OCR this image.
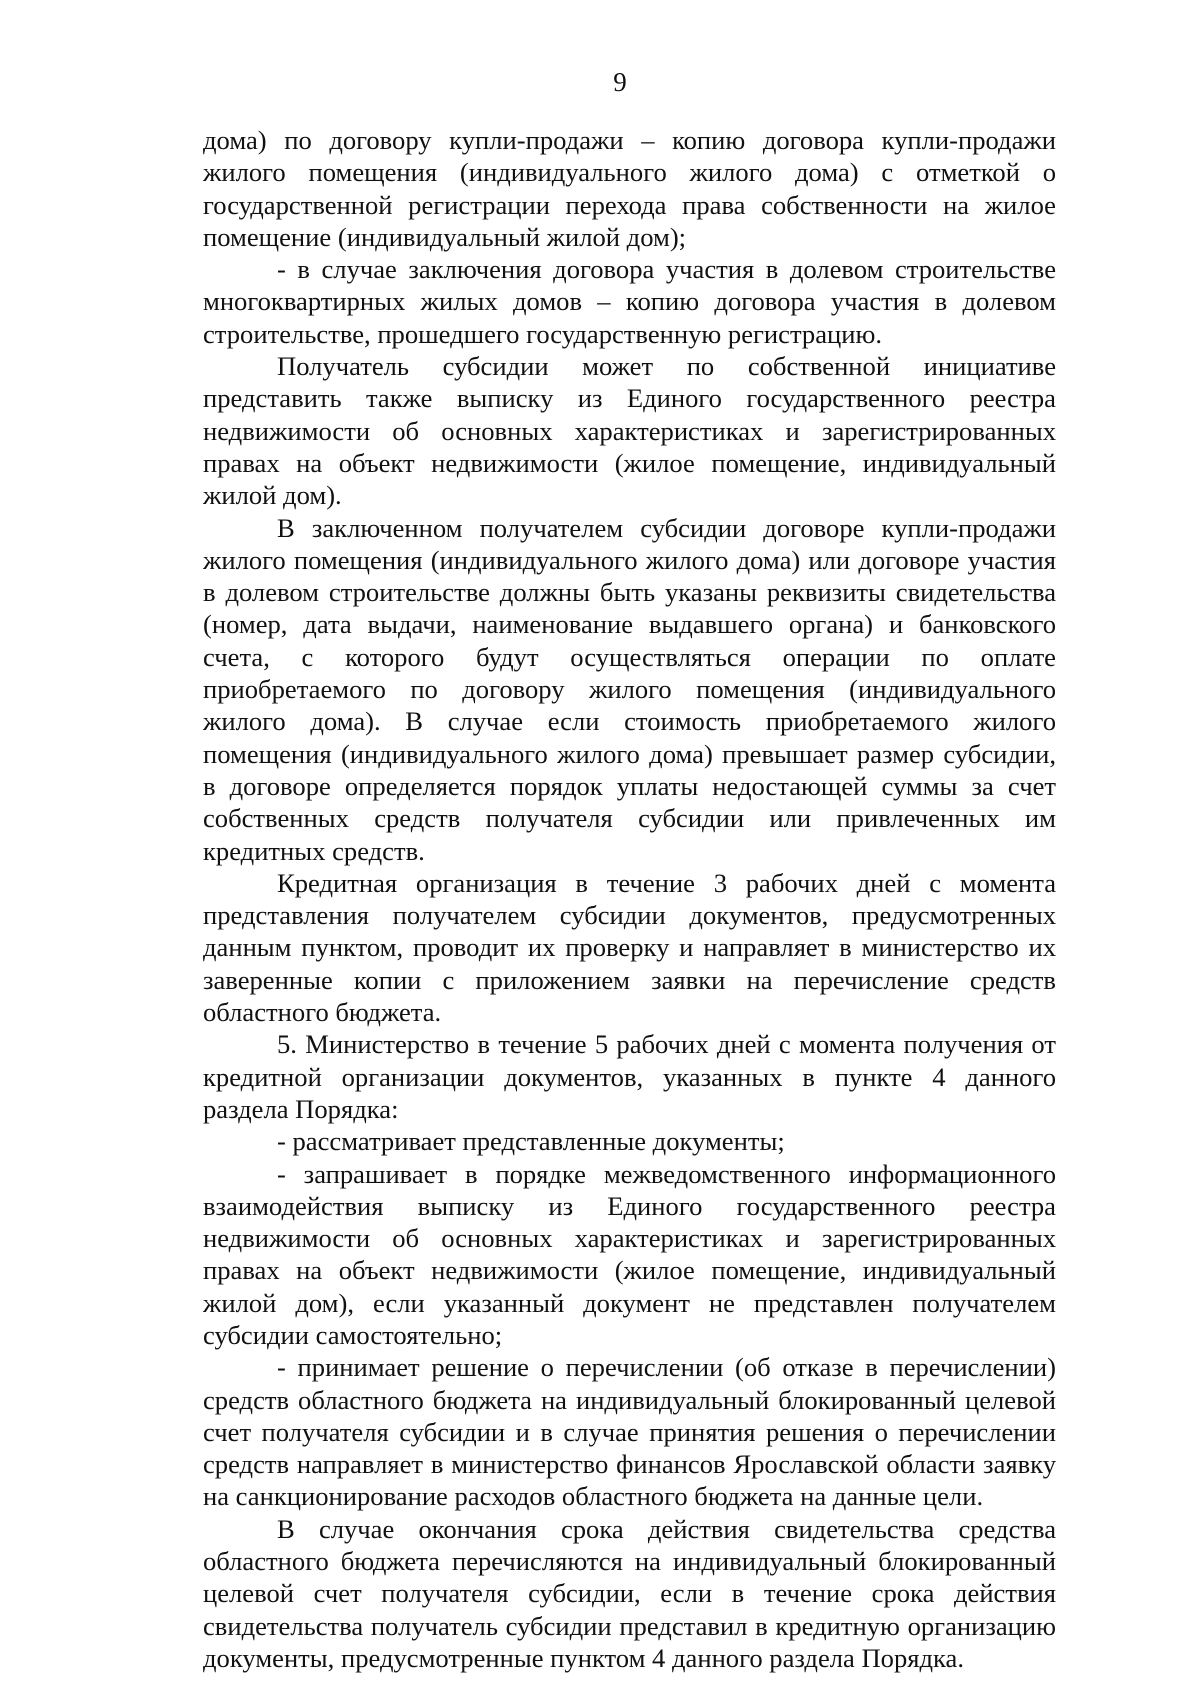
9

дома) по договору купли-продажи – копию договора купли-продажи жилого помещения (индивидуального жилого дома) с отметкой о государственной регистрации перехода права собственности на жилое помещение (индивидуальный жилой дом);

- в случае заключения договора участия в долевом строительстве многоквартирных жилых домов – копию договора участия в долевом строительстве, прошедшего государственную регистрацию.

Получатель субсидии может по собственной инициативе представить также выписку из Единого государственного реестра недвижимости об основных характеристиках и зарегистрированных правах на объект недвижимости (жилое помещение, индивидуальный жилой дом).

В заключенном получателем субсидии договоре купли-продажи жилого помещения (индивидуального жилого дома) или договоре участия в долевом строительстве должны быть указаны реквизиты свидетельства (номер, дата выдачи, наименование выдавшего органа) и банковского счета, с которого будут осуществляться операции по оплате приобретаемого по договору жилого помещения (индивидуального жилого дома). В случае если стоимость приобретаемого жилого помещения (индивидуального жилого дома) превышает размер субсидии, в договоре определяется порядок уплаты недостающей суммы за счет собственных средств получателя субсидии или привлеченных им кредитных средств.

Кредитная организация в течение 3 рабочих дней с момента представления получателем субсидии документов, предусмотренных данным пунктом, проводит их проверку и направляет в министерство их заверенные копии с приложением заявки на перечисление средств областного бюджета.

5. Министерство в течение 5 рабочих дней с момента получения от кредитной организации документов, указанных в пункте 4 данного раздела Порядка:

- рассматривает представленные документы;

- запрашивает в порядке межведомственного информационного взаимодействия выписку из Единого государственного реестра недвижимости об основных характеристиках и зарегистрированных правах на объект недвижимости (жилое помещение, индивидуальный жилой дом), если указанный документ не представлен получателем субсидии самостоятельно;

- принимает решение о перечислении (об отказе в перечислении) средств областного бюджета на индивидуальный блокированный целевой счет получателя субсидии и в случае принятия решения о перечислении средств направляет в министерство финансов Ярославской области заявку на санкционирование расходов областного бюджета на данные цели.

В случае окончания срока действия свидетельства средства областного бюджета перечисляются на индивидуальный блокированный целевой счет получателя субсидии, если в течение срока действия свидетельства получатель субсидии представил в кредитную организацию документы, предусмотренные пунктом 4 данного раздела Порядка.
